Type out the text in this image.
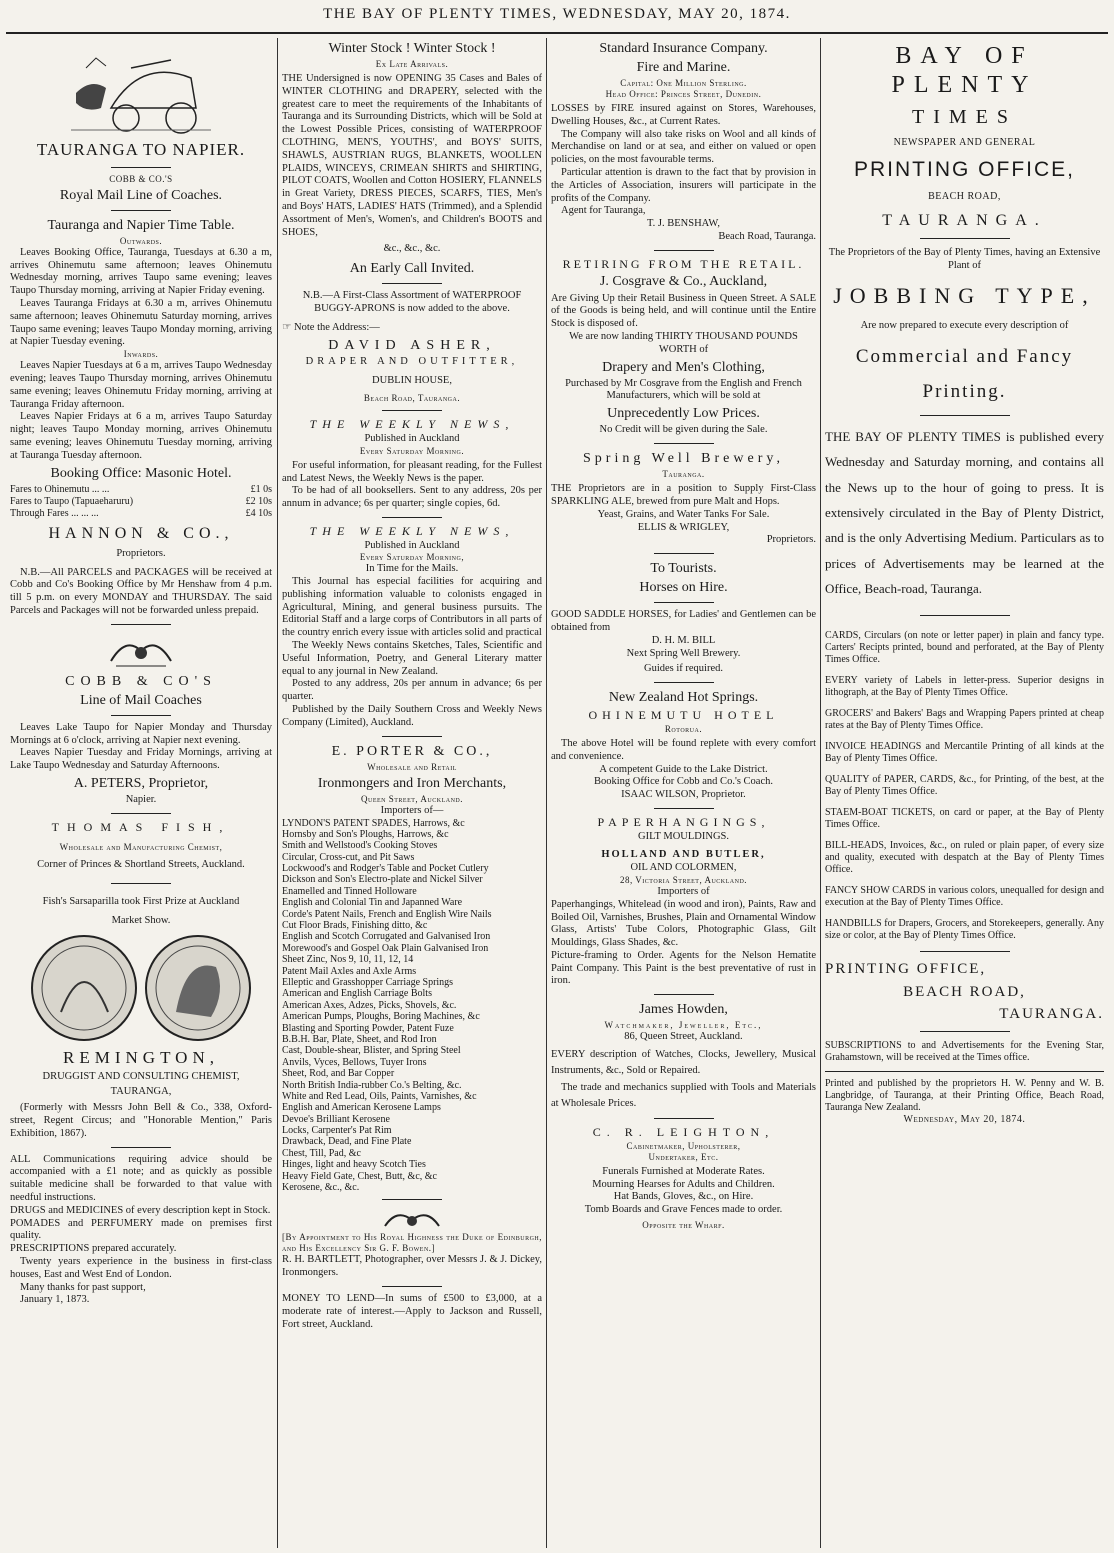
THE BAY OF PLENTY TIMES, WEDNESDAY, MAY 20, 1874.
TAURANGA TO NAPIER.
COBB & CO.'S
Royal Mail Line of Coaches.
Tauranga and Napier Time Table.
Outwards.

Leaves Booking Office, Tauranga, Tuesdays at 6.30 a m, arrives Ohinemutu same afternoon; leaves Ohinemutu Wednesday morning, arrives Taupo same evening; leaves Taupo Thursday morning, arriving at Napier Friday evening.

Leaves Tauranga Fridays at 6.30 a m, arrives Ohinemutu same afternoon; leaves Ohinemutu Saturday morning, arrives Taupo same evening; leaves Taupo Monday morning, arriving at Napier Tuesday evening.

Inwards.

Leaves Napier Tuesdays at 6 a m, arrives Taupo Wednesday evening; leaves Taupo Thursday morning, arrives Ohinemutu same evening; leaves Ohinemutu Friday morning, arriving at Tauranga Friday afternoon.

Leaves Napier Fridays at 6 a m, arrives Taupo Saturday night; leaves Taupo Monday morning, arrives Ohinemutu same evening; leaves Ohinemutu Tuesday morning, arriving at Tauranga Tuesday afternoon.

Booking Office: Masonic Hotel.
Fares to Ohinemutu ... ...	£1 0s
Fares to Taupo (Tapuaeharuru)	£2 10s
Through Fares ... ... ...	£4 10s
HANNON & CO.,
Proprietors.

N.B.—All PARCELS and PACKAGES will be received at Cobb and Co's Booking Office by Mr Henshaw from 4 p.m. till 5 p.m. on every MONDAY and THURSDAY. The said Parcels and Packages will not be forwarded unless prepaid.

COBB & CO'S
Line of Mail Coaches

Leaves Lake Taupo for Napier Monday and Thursday Mornings at 6 o'clock, arriving at Napier next evening.

Leaves Napier Tuesday and Friday Mornings, arriving at Lake Taupo Wednesday and Saturday Afternoons.

A. PETERS, Proprietor,
Napier.
THOMAS FISH,
Wholesale and Manufacturing Chemist,
Corner of Princes & Shortland Streets, Auckland.
Fish's Sarsaparilla took First Prize at Auckland
Market Show.
REMINGTON,
DRUGGIST AND CONSULTING CHEMIST,
TAURANGA,

(Formerly with Messrs John Bell & Co., 338, Oxford-street, Regent Circus; and "Honorable Mention," Paris Exhibition, 1867).

ALL Communications requiring advice should be accompanied with a £1 note; and as quickly as possible suitable medicine shall be forwarded to that value with needful instructions.

DRUGS and MEDICINES of every description kept in Stock.

POMADES and PERFUMERY made on premises first quality.

PRESCRIPTIONS prepared accurately.

Twenty years experience in the business in first-class houses, East and West End of London.

Many thanks for past support,

January 1, 1873.

Winter Stock ! Winter Stock !
Ex Late Arrivals.

THE Undersigned is now OPENING 35 Cases and Bales of WINTER CLOTHING and DRAPERY, selected with the greatest care to meet the requirements of the Inhabitants of Tauranga and its Surrounding Districts, which will be Sold at the Lowest Possible Prices, consisting of WATERPROOF CLOTHING, MEN'S, YOUTHS', and BOYS' SUITS, SHAWLS, AUSTRIAN RUGS, BLANKETS, WOOLLEN PLAIDS, WINCEYS, CRIMEAN SHIRTS and SHIRTING, PILOT COATS, Woollen and Cotton HOSIERY, FLANNELS in Great Variety, DRESS PIECES, SCARFS, TIES, Men's and Boys' HATS, LADIES' HATS (Trimmed), and a Splendid Assortment of Men's, Women's, and Children's BOOTS and SHOES,

&c., &c., &c.
An Early Call Invited.

N.B.—A First-Class Assortment of WATERPROOF BUGGY-APRONS is now added to the above.

☞ Note the Address:—

DAVID ASHER,
DRAPER AND OUTFITTER,
DUBLIN HOUSE,
Beach Road, Tauranga.
THE WEEKLY NEWS,
Published in Auckland
Every Saturday Morning.

For useful information, for pleasant reading, for the Fullest and Latest News, the Weekly News is the paper.

To be had of all booksellers. Sent to any address, 20s per annum in advance; 6s per quarter; single copies, 6d.

THE WEEKLY NEWS,
Published in Auckland
Every Saturday Morning,
In Time for the Mails.

This Journal has especial facilities for acquiring and publishing information valuable to colonists engaged in Agricultural, Mining, and general business pursuits. The Editorial Staff and a large corps of Contributors in all parts of the country enrich every issue with articles solid and practical

The Weekly News contains Sketches, Tales, Scientific and Useful Information, Poetry, and General Literary matter equal to any journal in New Zealand.

Posted to any address, 20s per annum in advance; 6s per quarter.

Published by the Daily Southern Cross and Weekly News Company (Limited), Auckland.

E. PORTER & CO.,
Wholesale and Retail
Ironmongers and Iron Merchants,
Queen Street, Auckland.
Importers of—
LYNDON'S PATENT SPADES, Harrows, &c
Hornsby and Son's Ploughs, Harrows, &c
Smith and Wellstood's Cooking Stoves
Circular, Cross-cut, and Pit Saws
Lockwood's and Rodger's Table and Pocket Cutlery
Dickson and Son's Electro-plate and Nickel Silver
Enamelled and Tinned Holloware
English and Colonial Tin and Japanned Ware
Corde's Patent Nails, French and English Wire Nails
Cut Floor Brads, Finishing ditto, &c
English and Scotch Corrugated and Galvanised Iron
Morewood's and Gospel Oak Plain Galvanised Iron
Sheet Zinc, Nos 9, 10, 11, 12, 14
Patent Mail Axles and Axle Arms
Elleptic and Grasshopper Carriage Springs
American and English Carriage Bolts
American Axes, Adzes, Picks, Shovels, &c.
American Pumps, Ploughs, Boring Machines, &c
Blasting and Sporting Powder, Patent Fuze
B.B.H. Bar, Plate, Sheet, and Rod Iron
Cast, Double-shear, Blister, and Spring Steel
Anvils, Vyces, Bellows, Tuyer Irons
Sheet, Rod, and Bar Copper
North British India-rubber Co.'s Belting, &c.
White and Red Lead, Oils, Paints, Varnishes, &c
English and American Kerosene Lamps
Devoe's Brilliant Kerosene
Locks, Carpenter's Pat Rim
Drawback, Dead, and Fine Plate
Chest, Till, Pad, &c
Hinges, light and heavy Scotch Ties
Heavy Field Gate, Chest, Butt, &c, &c
Kerosene, &c., &c.

[By Appointment to His Royal Highness the Duke of Edinburgh, and His Excellency Sir G. F. Bowen.]

R. H. BARTLETT, Photographer, over Messrs J. & J. Dickey, Ironmongers.

MONEY TO LEND—In sums of £500 to £3,000, at a moderate rate of interest.—Apply to Jackson and Russell, Fort street, Auckland.

Standard Insurance Company.
Fire and Marine.
Capital: One Million Sterling.
Head Office: Princes Street, Dunedin.

LOSSES by FIRE insured against on Stores, Warehouses, Dwelling Houses, &c., at Current Rates.

The Company will also take risks on Wool and all kinds of Merchandise on land or at sea, and either on valued or open policies, on the most favourable terms.

Particular attention is drawn to the fact that by provision in the Articles of Association, insurers will participate in the profits of the Company.

Agent for Tauranga,

T. J. BENSHAW,
Beach Road, Tauranga.
RETIRING FROM THE RETAIL.
J. Cosgrave & Co., Auckland,

Are Giving Up their Retail Business in Queen Street. A SALE of the Goods is being held, and will continue until the Entire Stock is disposed of.

We are now landing THIRTY THOUSAND POUNDS WORTH of

Drapery and Men's Clothing,

Purchased by Mr Cosgrave from the English and French Manufacturers, which will be sold at

Unprecedently Low Prices.
No Credit will be given during the Sale.
Spring Well Brewery,
Tauranga.

THE Proprietors are in a position to Supply First-Class SPARKLING ALE, brewed from pure Malt and Hops.

Yeast, Grains, and Water Tanks For Sale.

ELLIS & WRIGLEY,
Proprietors.
To Tourists.
Horses on Hire.

GOOD SADDLE HORSES, for Ladies' and Gentlemen can be obtained from

D. H. M. BILL
Next Spring Well Brewery.
Guides if required.
New Zealand Hot Springs.
OHINEMUTU HOTEL
Rotorua.

The above Hotel will be found replete with every comfort and convenience.

A competent Guide to the Lake District.

Booking Office for Cobb and Co.'s Coach.

ISAAC WILSON, Proprietor.
PAPERHANGINGS,
GILT MOULDINGS.
HOLLAND AND BUTLER,
OIL AND COLORMEN,
28, Victoria Street, Auckland.
Importers of

Paperhangings, Whitelead (in wood and iron), Paints, Raw and Boiled Oil, Varnishes, Brushes, Plain and Ornamental Window Glass, Artists' Tube Colors, Photographic Glass, Gilt Mouldings, Glass Shades, &c.

Picture-framing to Order. Agents for the Nelson Hematite Paint Company. This Paint is the best preventative of rust in iron.

James Howden,
Watchmaker, Jeweller, Etc.,
86, Queen Street, Auckland.

EVERY description of Watches, Clocks, Jewellery, Musical Instruments, &c., Sold or Repaired.

The trade and mechanics supplied with Tools and Materials at Wholesale Prices.

C. R. LEIGHTON,
Cabinetmaker, Upholsterer,
Undertaker, Etc.
Funerals Furnished at Moderate Rates.
Mourning Hearses for Adults and Children.
Hat Bands, Gloves, &c., on Hire.
Tomb Boards and Grave Fences made to order.
Opposite the Wharf.
BAY OF PLENTY
TIMES
NEWSPAPER AND GENERAL
PRINTING OFFICE,
BEACH ROAD,
TAURANGA.

The Proprietors of the Bay of Plenty Times, having an Extensive Plant of

JOBBING TYPE,

Are now prepared to execute every description of

Commercial and Fancy
Printing.

THE BAY OF PLENTY TIMES is published every Wednesday and Saturday morning, and contains all the News up to the hour of going to press. It is extensively circulated in the Bay of Plenty District, and is the only Advertising Medium. Particulars as to prices of Advertisements may be learned at the Office, Beach-road, Tauranga.

CARDS, Circulars (on note or letter paper) in plain and fancy type. Carters' Recipts printed, bound and perforated, at the Bay of Plenty Times Office.

EVERY variety of Labels in letter-press. Superior designs in lithograph, at the Bay of Plenty Times Office.

GROCERS' and Bakers' Bags and Wrapping Papers printed at cheap rates at the Bay of Plenty Times Office.

INVOICE HEADINGS and Mercantile Printing of all kinds at the Bay of Plenty Times Office.

QUALITY of PAPER, CARDS, &c., for Printing, of the best, at the Bay of Plenty Times Office.

STAEM-BOAT TICKETS, on card or paper, at the Bay of Plenty Times Office.

BILL-HEADS, Invoices, &c., on ruled or plain paper, of every size and quality, executed with despatch at the Bay of Plenty Times Office.

FANCY SHOW CARDS in various colors, unequalled for design and execution at the Bay of Plenty Times Office.

HANDBILLS for Drapers, Grocers, and Storekeepers, generally. Any size or color, at the Bay of Plenty Times Office.

PRINTING OFFICE,
BEACH ROAD,
TAURANGA.

SUBSCRIPTIONS to and Advertisements for the Evening Star, Grahamstown, will be received at the Times office.

Printed and published by the proprietors H. W. Penny and W. B. Langbridge, of Tauranga, at their Printing Office, Beach Road, Tauranga New Zealand.

Wednesday, May 20, 1874.
